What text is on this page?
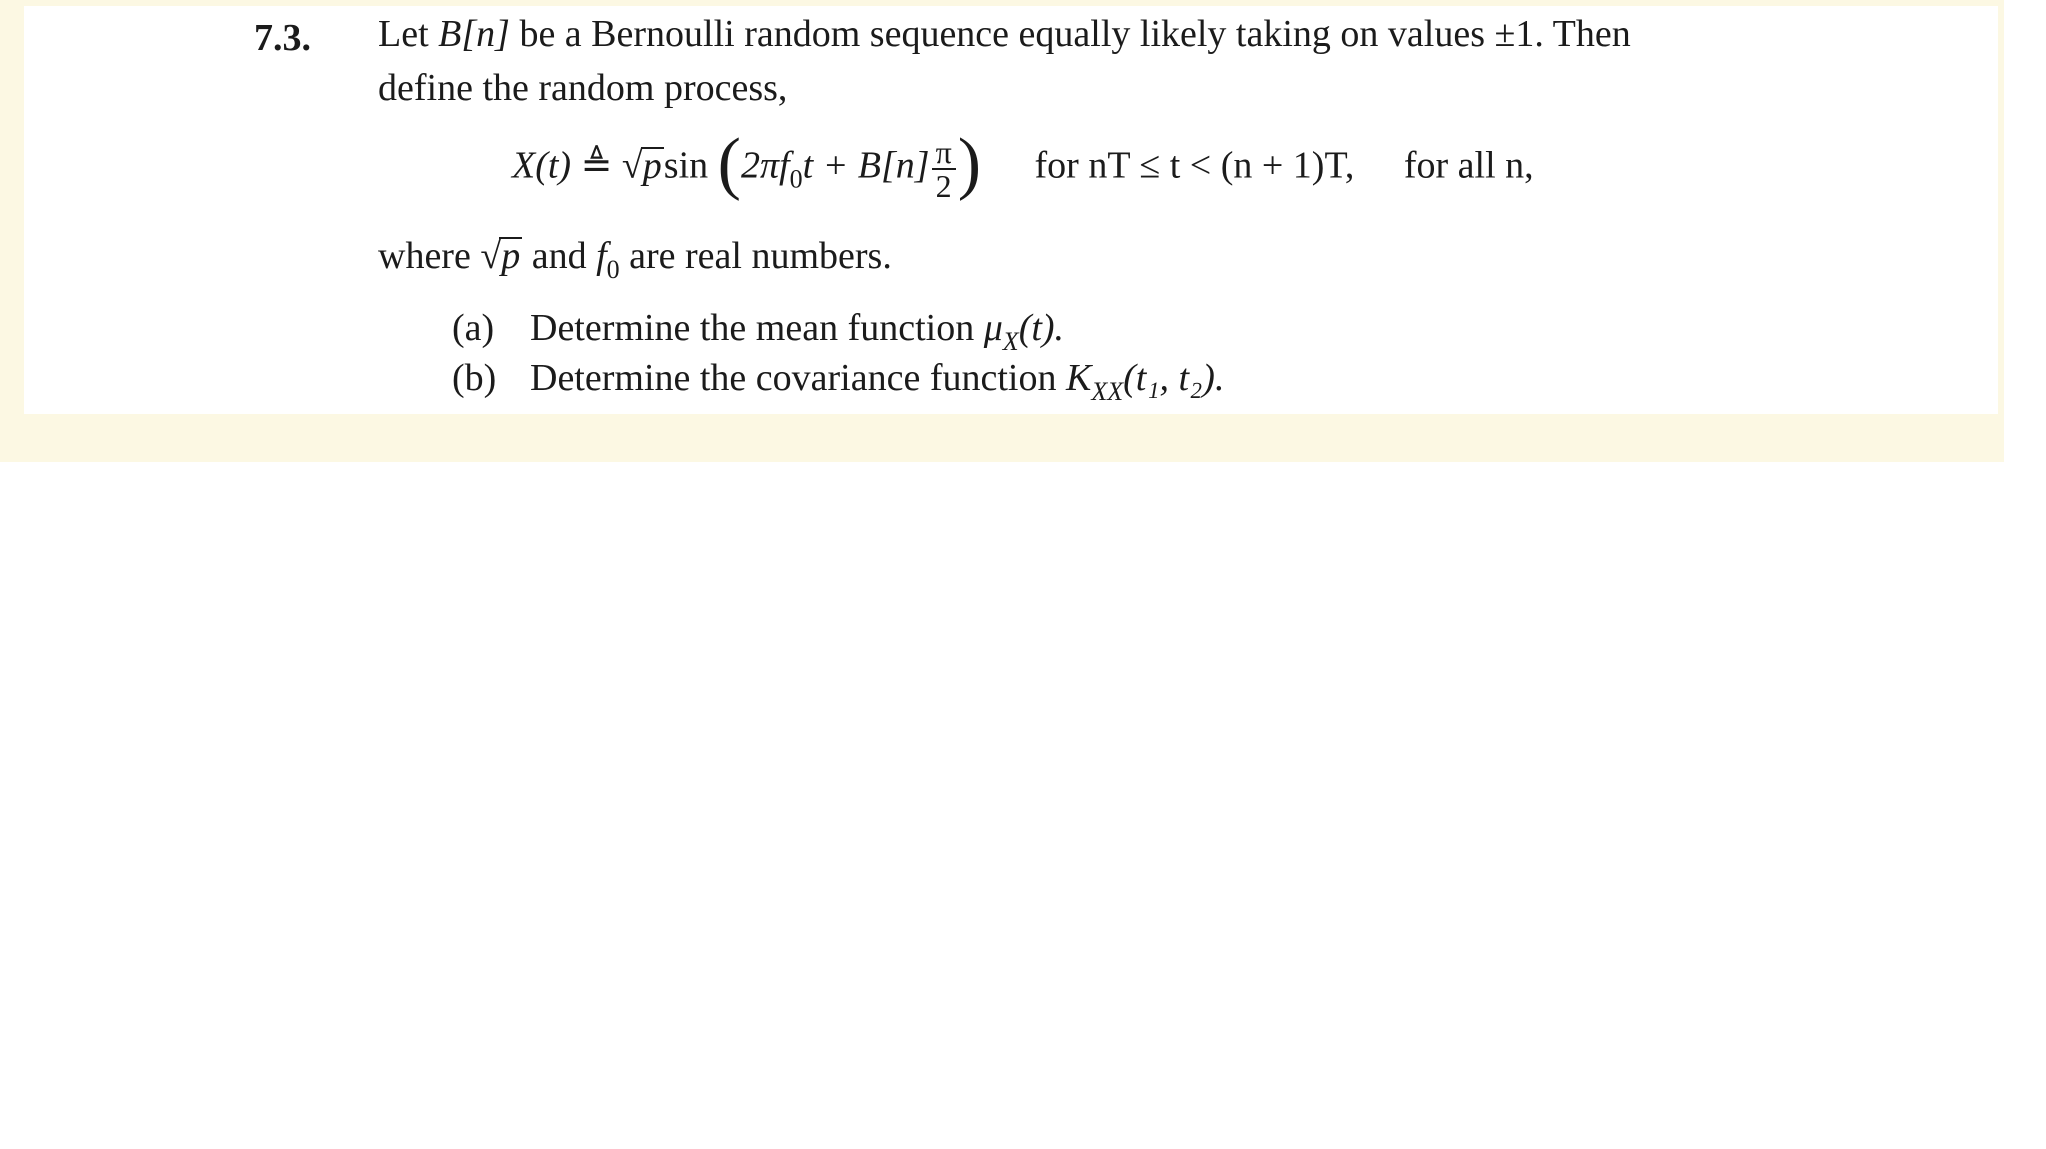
7.3. Let B[n] be a Bernoulli random sequence equally likely taking on values ±1. Then
define the random process,
X(t) ≜ √psin ($2\pi f_0t + B[n] \frac{\pi}{2}$ ) for nT ≤ t < (n + 1)T, for all n,
where √p and $f_0$ are real numbers.
(a) Determine the mean function $\mu_X(t)$.
(b) Determine the covariance function $K_{XX}(t_1$, t₂).
